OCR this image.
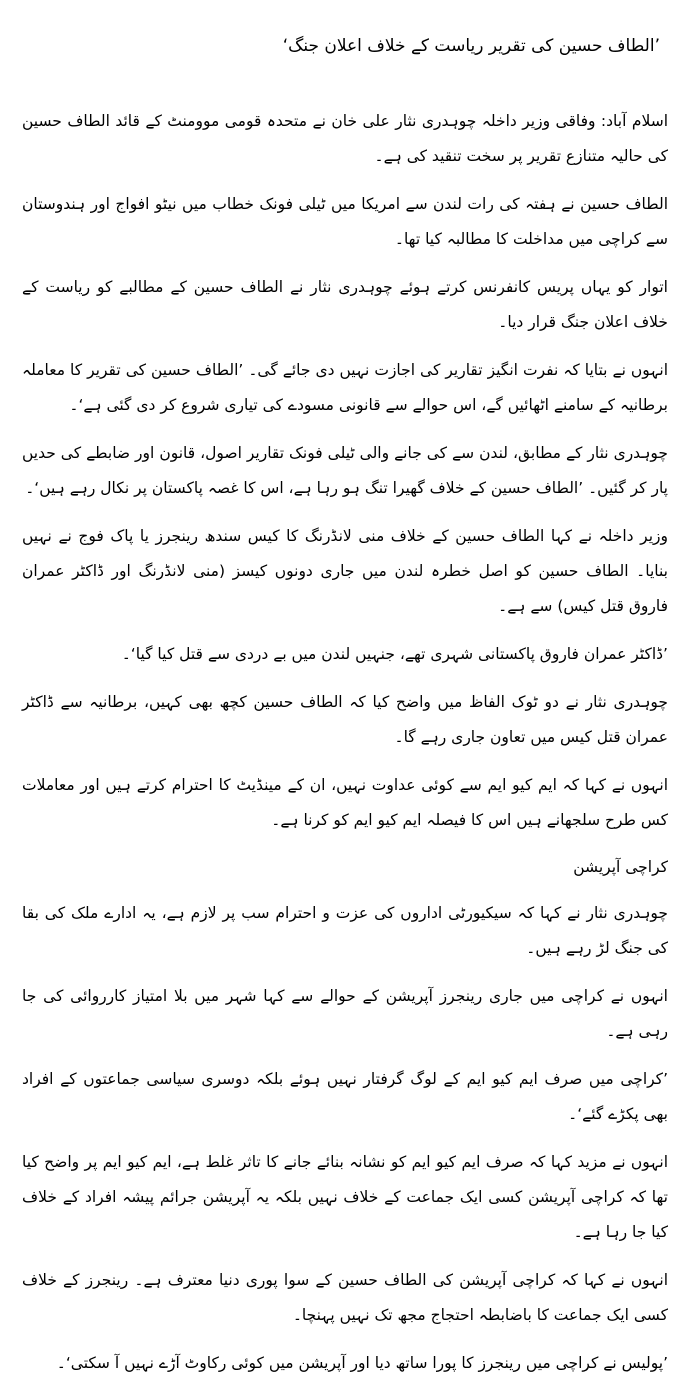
’الطاف حسین کی تقریر ریاست کے خلاف اعلان جنگ‘

اسلام آباد: وفاقی وزیر داخلہ چوہدری نثار علی خان نے متحدہ قومی موومنٹ کے قائد الطاف حسین کی حالیہ متنازع تقریر پر سخت تنقید کی ہے۔

الطاف حسین نے ہفتہ کی رات لندن سے امریکا میں ٹیلی فونک خطاب میں نیٹو افواج اور ہندوستان سے کراچی میں مداخلت کا مطالبہ کیا تھا۔

اتوار کو یہاں پریس کانفرنس کرتے ہوئے چوہدری نثار نے الطاف حسین کے مطالبے کو ریاست کے خلاف اعلان جنگ قرار دیا۔

انہوں نے بتایا کہ نفرت انگیز تقاریر کی اجازت نہیں دی جائے گی۔ ’الطاف حسین کی تقریر کا معاملہ برطانیہ کے سامنے اٹھائیں گے، اس حوالے سے قانونی مسودے کی تیاری شروع کر دی گئی ہے‘۔

چوہدری نثار کے مطابق، لندن سے کی جانے والی ٹیلی فونک تقاریر اصول، قانون اور ضابطے کی حدیں پار کر گئیں۔ ’الطاف حسین کے خلاف گھیرا تنگ ہو رہا ہے، اس کا غصہ پاکستان پر نکال رہے ہیں‘۔

وزیر داخلہ نے کہا الطاف حسین کے خلاف منی لانڈرنگ کا کیس سندھ رینجرز یا پاک فوج نے نہیں بنایا۔ الطاف حسین کو اصل خطرہ لندن میں جاری دونوں کیسز (منی لانڈرنگ اور ڈاکٹر عمران فاروق قتل کیس) سے ہے۔

’ڈاکٹر عمران فاروق پاکستانی شہری تھے، جنہیں لندن میں بے دردی سے قتل کیا گیا‘۔

چوہدری نثار نے دو ٹوک الفاظ میں واضح کیا کہ الطاف حسین کچھ بھی کہیں، برطانیہ سے ڈاکٹر عمران قتل کیس میں تعاون جاری رہے گا۔

انہوں نے کہا کہ ایم کیو ایم سے کوئی عداوت نہیں، ان کے مینڈیٹ کا احترام کرتے ہیں اور معاملات کس طرح سلجھانے ہیں اس کا فیصلہ ایم کیو ایم کو کرنا ہے۔

کراچی آپریشن

چوہدری نثار نے کہا کہ سیکیورٹی اداروں کی عزت و احترام سب پر لازم ہے، یہ ادارے ملک کی بقا کی جنگ لڑ رہے ہیں۔

انہوں نے کراچی میں جاری رینجرز آپریشن کے حوالے سے کہا شہر میں بلا امتیاز کارروائی کی جا رہی ہے۔

’کراچی میں صرف ایم کیو ایم کے لوگ گرفتار نہیں ہوئے بلکہ دوسری سیاسی جماعتوں کے افراد بھی پکڑے گئے‘۔

انہوں نے مزید کہا کہ صرف ایم کیو ایم کو نشانہ بنائے جانے کا تاثر غلط ہے، ایم کیو ایم پر واضح کیا تھا کہ کراچی آپریشن کسی ایک جماعت کے خلاف نہیں بلکہ یہ آپریشن جرائم پیشہ افراد کے خلاف کیا جا رہا ہے۔

انہوں نے کہا کہ کراچی آپریشن کی الطاف حسین کے سوا پوری دنیا معترف ہے۔ رینجرز کے خلاف کسی ایک جماعت کا باضابطہ احتجاج مجھ تک نہیں پہنچا۔

’پولیس نے کراچی میں رینجرز کا پورا ساتھ دیا اور آپریشن میں کوئی رکاوٹ آڑے نہیں آ سکتی‘۔
